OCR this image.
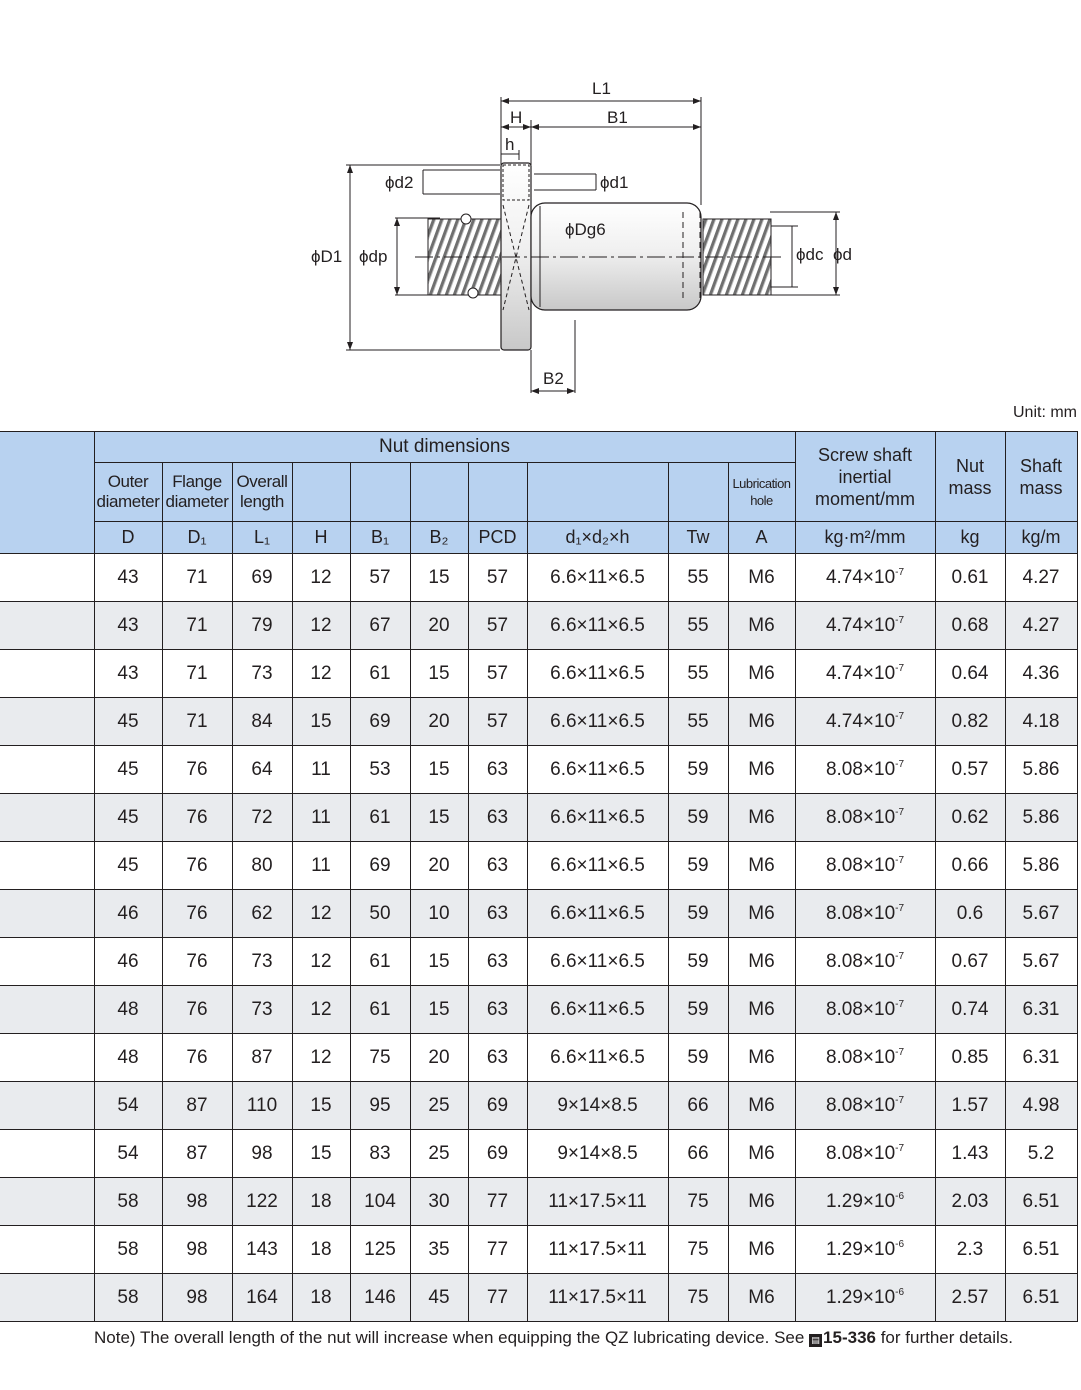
L1
H	B1
h
ϕd2	ϕd1
ϕDg6
ϕD1 ϕdp	ϕdc ϕd
B2
Unit: mm
	Nut dimensions										Screw shaft inertial moment/mm	Nut mass	Shaft mass
	Outer diameter	Flange diameter	Overall length							Lubrication hole			
	D	D₁	L₁	H	B₁	B₂	PCD	d₁×d₂×h	Tw	A	kg·m²/mm	kg	kg/m
	43	71	69	12	57	15	57	6.6×11×6.5	55	M6	$4.74\times 10^{-7}$	0.61	4.27
	43	71	79	12	67	20	57	6.6×11×6.5	55	M6	$4.74\times 10^{-7}$	0.68	4.27
	43	71	73	12	61	15	57	6.6×11×6.5	55	M6	$4.74\times 10^{-7}$	0.64	4.36
	45	71	84	15	69	20	57	6.6×11×6.5	55	M6	$4.74\times 10^{-7}$	0.82	4.18
	45	76	64	11	53	15	63	6.6×11×6.5	59	M6	$8.08\times 10^{-7}$	0.57	5.86
	45	76	72	11	61	15	63	6.6×11×6.5	59	M6	$8.08\times 10^{-7}$	0.62	5.86
	45	76	80	11	69	20	63	6.6×11×6.5	59	M6	$8.08\times 10^{-7}$	0.66	5.86
	46	76	62	12	50	10	63	6.6×11×6.5	59	M6	$8.08\times 10^{-7}$	0.6	5.67
	46	76	73	12	61	15	63	6.6×11×6.5	59	M6	$8.08\times 10^{-7}$	0.67	5.67
	48	76	73	12	61	15	63	6.6×11×6.5	59	M6	$8.08\times 10^{-7}$	0.74	6.31
	48	76	87	12	75	20	63	6.6×11×6.5	59	M6	$8.08\times 10^{-7}$	0.85	6.31
	54	87	110	15	95	25	69	9×14×8.5	66	M6	$8.08\times 10^{-7}$	1.57	4.98
	54	87	98	15	83	25	69	9×14×8.5	66	M6	$8.08\times 10^{-7}$	1.43	5.2
	58	98	122	18	104	30	77	11×17.5×11	75	M6	$1.29\times 10^{-6}$	2.03	6.51
	58	98	143	18	125	35	77	11×17.5×11	75	M6	$1.29\times 10^{-6}$	2.3	6.51
	58	98	164	18	146	45	77	11×17.5×11	75	M6	$1.29\times 10^{-6}$	2.57	6.51
Note) The overall length of the nut will increase when equipping the QZ lubricating device. See ▤ 15-336 for further details.
